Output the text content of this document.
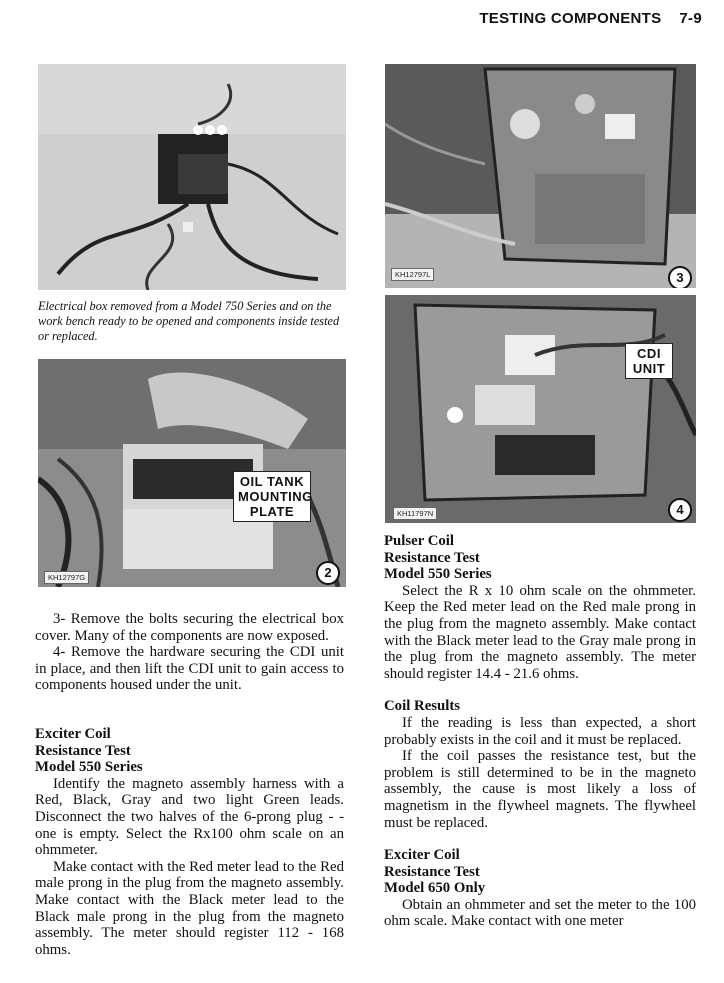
TESTING COMPONENTS 7-9
Electrical box removed from a Model 750 Series and on the work bench ready to be opened and components inside tested or replaced.
OIL TANK
MOUNTING
PLATE
KH12797G	2

3- Remove the bolts securing the electrical box cover. Many of the components are now exposed.

4- Remove the hardware securing the CDI unit in place, and then lift the CDI unit to gain access to components housed under the unit.

Exciter Coil
Resistance Test
Model 550 Series

Identify the magneto assembly harness with a Red, Black, Gray and two light Green leads. Disconnect the two halves of the 6-prong plug - - one is empty. Select the Rx100 ohm scale on an ohmmeter.

Make contact with the Red meter lead to the Red male prong in the plug from the magneto assembly. Make contact with the Black meter lead to the Black male prong in the plug from the magneto assembly. The meter should register 112 - 168 ohms.

KH12797L	3
CDI
UNIT
KH11797N	4
Pulser Coil
Resistance Test
Model 550 Series

Select the R x 10 ohm scale on the ohmmeter. Keep the Red meter lead on the Red male prong in the plug from the magneto assembly. Make contact with the Black meter lead to the Gray male prong in the plug from the magneto assembly. The meter should register 14.4 - 21.6 ohms.

Coil Results

If the reading is less than expected, a short probably exists in the coil and it must be replaced.

If the coil passes the resistance test, but the problem is still determined to be in the magneto assembly, the cause is most likely a loss of magnetism in the flywheel magnets. The flywheel must be replaced.

Exciter Coil
Resistance Test
Model 650 Only

Obtain an ohmmeter and set the meter to the 100 ohm scale. Make contact with one meter
